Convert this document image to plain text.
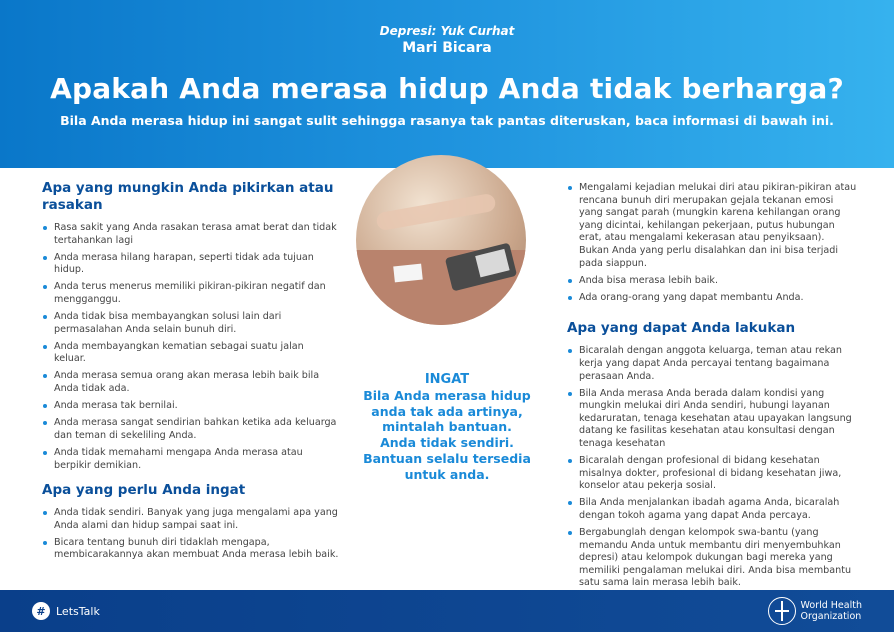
Depresi: Yuk Curhat
Mari Bicara
Apakah Anda merasa hidup Anda tidak berharga?
Bila Anda merasa hidup ini sangat sulit sehingga rasanya tak pantas diteruskan, baca informasi di bawah ini.
Apa yang mungkin Anda pikirkan atau rasakan
Rasa sakit yang Anda rasakan terasa amat berat dan tidak tertahankan lagi
Anda merasa hilang harapan, seperti tidak ada tujuan hidup.
Anda terus menerus memiliki pikiran-pikiran negatif dan mengganggu.
Anda tidak bisa membayangkan solusi lain dari permasalahan Anda selain bunuh diri.
Anda membayangkan kematian sebagai suatu jalan keluar.
Anda merasa semua orang akan merasa lebih baik bila Anda tidak ada.
Anda merasa tak bernilai.
Anda merasa sangat sendirian bahkan ketika ada keluarga dan teman di sekeliling Anda.
Anda tidak memahami mengapa Anda merasa atau berpikir demikian.
Apa yang perlu Anda ingat
Anda tidak sendiri. Banyak yang juga mengalami apa yang Anda alami dan hidup sampai saat ini.
Bicara tentang bunuh diri tidaklah mengapa, membicarakannya akan membuat Anda merasa lebih baik.
INGAT
Bila Anda merasa hidup anda tak ada artinya, mintalah bantuan. Anda tidak sendiri. Bantuan selalu tersedia untuk anda.
Mengalami kejadian melukai diri atau pikiran-pikiran atau rencana bunuh diri merupakan gejala tekanan emosi yang sangat parah (mungkin karena kehilangan orang yang dicintai, kehilangan pekerjaan, putus hubungan erat, atau mengalami kekerasan atau penyiksaan). Bukan Anda yang perlu disalahkan dan ini bisa terjadi pada siappun.
Anda bisa merasa lebih baik.
Ada orang-orang yang dapat membantu Anda.
Apa yang dapat Anda lakukan
Bicaralah dengan anggota keluarga, teman atau rekan kerja yang dapat Anda percayai tentang bagaimana perasaan Anda.
Bila Anda merasa Anda berada dalam kondisi yang mungkin melukai diri Anda sendiri, hubungi layanan kedaruratan, tenaga kesehatan atau upayakan langsung datang ke fasilitas kesehatan atau konsultasi dengan tenaga kesehatan
Bicaralah dengan profesional di bidang kesehatan misalnya dokter, profesional di bidang kesehatan jiwa, konselor atau pekerja sosial.
Bila Anda menjalankan ibadah agama Anda, bicaralah dengan tokoh agama yang dapat Anda percaya.
Bergabunglah dengan kelompok swa-bantu (yang memandu Anda untuk membantu diri menyembuhkan depresi) atau kelompok dukungan bagi mereka yang memiliki pengalaman melukai diri. Anda bisa membantu satu sama lain merasa lebih baik.
# LetsTalk	World Health
Organization
